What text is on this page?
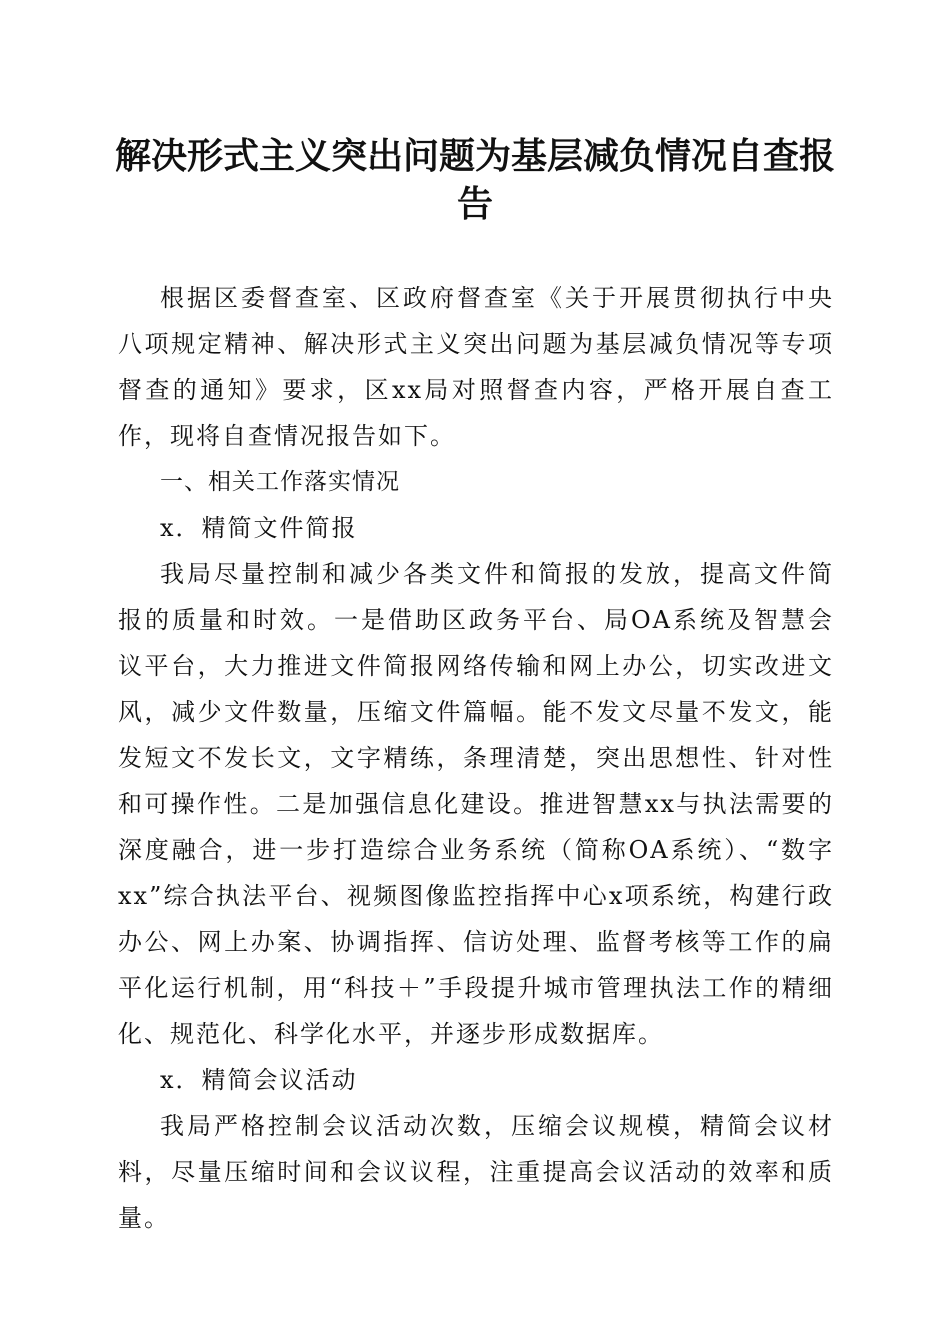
解决形式主义突出问题为基层减负情况自查报告

根据区委督查室、区政府督查室《关于开展贯彻执行中央八项规定精神、解决形式主义突出问题为基层减负情况等专项督查的通知》要求，区xx局对照督查内容，严格开展自查工作，现将自查情况报告如下。

一、相关工作落实情况

x．精简文件简报

我局尽量控制和减少各类文件和简报的发放，提高文件简报的质量和时效。一是借助区政务平台、局OA系统及智慧会议平台，大力推进文件简报网络传输和网上办公，切实改进文风，减少文件数量，压缩文件篇幅。能不发文尽量不发文，能发短文不发长文，文字精练，条理清楚，突出思想性、针对性和可操作性。二是加强信息化建设。推进智慧xx与执法需要的深度融合，进一步打造综合业务系统（简称OA系统）、“数字xx”综合执法平台、视频图像监控指挥中心x项系统，构建行政办公、网上办案、协调指挥、信访处理、监督考核等工作的扁平化运行机制，用“科技＋”手段提升城市管理执法工作的精细化、规范化、科学化水平，并逐步形成数据库。

x．精简会议活动

我局严格控制会议活动次数，压缩会议规模，精简会议材料，尽量压缩时间和会议议程，注重提高会议活动的效率和质量。
